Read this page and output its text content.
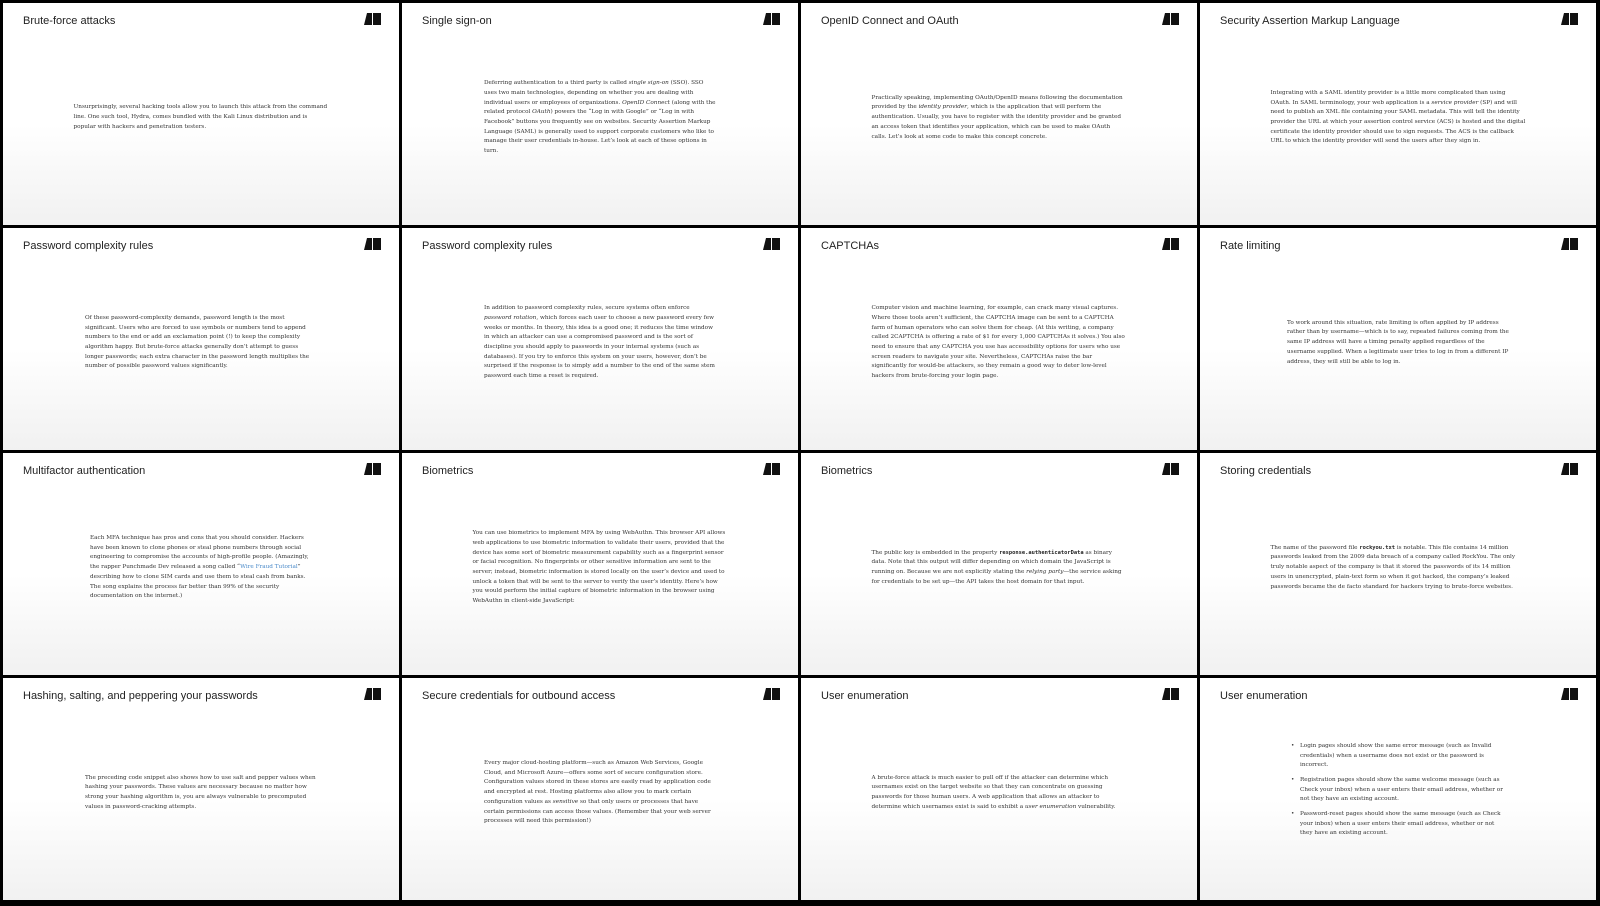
Brute-force attacks
Unsurprisingly, several hacking tools allow you to launch this attack from the command line. One such tool, Hydra, comes bundled with the Kali Linux distribution and is popular with hackers and penetration testers.
Single sign-on
Deferring authentication to a third party is called single sign-on (SSO). SSO uses two main technologies, depending on whether you are dealing with individual users or employees of organizations. OpenID Connect (along with the related protocol OAuth) powers the “Log in with Google” or “Log in with Facebook” buttons you frequently see on websites. Security Assertion Markup Language (SAML) is generally used to support corporate customers who like to manage their user credentials in-house. Let’s look at each of these options in turn.
OpenID Connect and OAuth
Practically speaking, implementing OAuth/OpenID means following the documentation provided by the identity provider, which is the application that will perform the authentication. Usually, you have to register with the identity provider and be granted an access token that identifies your application, which can be used to make OAuth calls. Let’s look at some code to make this concept concrete.
Security Assertion Markup Language
Integrating with a SAML identity provider is a little more complicated than using OAuth. In SAML terminology, your web application is a service provider (SP) and will need to publish an XML file containing your SAML metadata. This will tell the identity provider the URL at which your assertion control service (ACS) is hosted and the digital certificate the identity provider should use to sign requests. The ACS is the callback URL to which the identity provider will send the users after they sign in.
Password complexity rules
Of these password-complexity demands, password length is the most significant. Users who are forced to use symbols or numbers tend to append numbers to the end or add an exclamation point (!) to keep the complexity algorithm happy. But brute-force attacks generally don’t attempt to guess longer passwords; each extra character in the password length multiplies the number of possible password values significantly.
Password complexity rules
In addition to password complexity rules, secure systems often enforce password rotation, which forces each user to choose a new password every few weeks or months. In theory, this idea is a good one; it reduces the time window in which an attacker can use a compromised password and is the sort of discipline you should apply to passwords in your internal systems (such as databases). If you try to enforce this system on your users, however, don’t be surprised if the response is to simply add a number to the end of the same stem password each time a reset is required.
CAPTCHAs
Computer vision and machine learning, for example, can crack many visual captures. Where those tools aren’t sufficient, the CAPTCHA image can be sent to a CAPTCHA farm of human operators who can solve them for cheap. (At this writing, a company called 2CAPTCHA is offering a rate of $1 for every 1,000 CAPTCHAs it solves.) You also need to ensure that any CAPTCHA you use has accessibility options for users who use screen readers to navigate your site. Nevertheless, CAPTCHAs raise the bar significantly for would-be attackers, so they remain a good way to deter low-level hackers from brute-forcing your login page.
Rate limiting
To work around this situation, rate limiting is often applied by IP address rather than by username—which is to say, repeated failures coming from the same IP address will have a timing penalty applied regardless of the username supplied. When a legitimate user tries to log in from a different IP address, they will still be able to log in.
Multifactor authentication
Each MFA technique has pros and cons that you should consider. Hackers have been known to clone phones or steal phone numbers through social engineering to compromise the accounts of high-profile people. (Amazingly, the rapper Punchmade Dev released a song called “Wire Fraud Tutorial” describing how to clone SIM cards and use them to steal cash from banks. The song explains the process far better than 99% of the security documentation on the internet.)
Biometrics
You can use biometrics to implement MFA by using WebAuthn. This browser API allows web applications to use biometric information to validate their users, provided that the device has some sort of biometric measurement capability such as a fingerprint sensor or facial recognition. No fingerprints or other sensitive information are sent to the server; instead, biometric information is stored locally on the user’s device and used to unlock a token that will be sent to the server to verify the user’s identity. Here’s how you would perform the initial capture of biometric information in the browser using WebAuthn in client-side JavaScript:
Biometrics
The public key is embedded in the property response.authenticatorData as binary data. Note that this output will differ depending on which domain the JavaScript is running on. Because we are not explicitly stating the relying party—the service asking for credentials to be set up—the API takes the host domain for that input.
Storing credentials
The name of the password file rockyou.txt is notable. This file contains 14 million passwords leaked from the 2009 data breach of a company called RockYou. The only truly notable aspect of the company is that it stored the passwords of its 14 million users in unencrypted, plain-text form so when it got hacked, the company’s leaked passwords became the de facto standard for hackers trying to brute-force websites.
Hashing, salting, and peppering your passwords
The preceding code snippet also shows how to use salt and pepper values when hashing your passwords. These values are necessary because no matter how strong your hashing algorithm is, you are always vulnerable to precomputed values in password-cracking attempts.
Secure credentials for outbound access
Every major cloud-hosting platform—such as Amazon Web Services, Google Cloud, and Microsoft Azure—offers some sort of secure configuration store. Configuration values stored in these stores are easily read by application code and encrypted at rest. Hosting platforms also allow you to mark certain configuration values as sensitive so that only users or processes that have certain permissions can access those values. (Remember that your web server processes will need this permission!)
User enumeration
A brute-force attack is much easier to pull off if the attacker can determine which usernames exist on the target website so that they can concentrate on guessing passwords for those human users. A web application that allows an attacker to determine which usernames exist is said to exhibit a user enumeration vulnerability.
User enumeration
• Login pages should show the same error message (such as Invalid credentials) when a username does not exist or the password is incorrect.
• Registration pages should show the same welcome message (such as Check your inbox) when a user enters their email address, whether or not they have an existing account.
• Password-reset pages should show the same message (such as Check your inbox) when a user enters their email address, whether or not they have an existing account.
